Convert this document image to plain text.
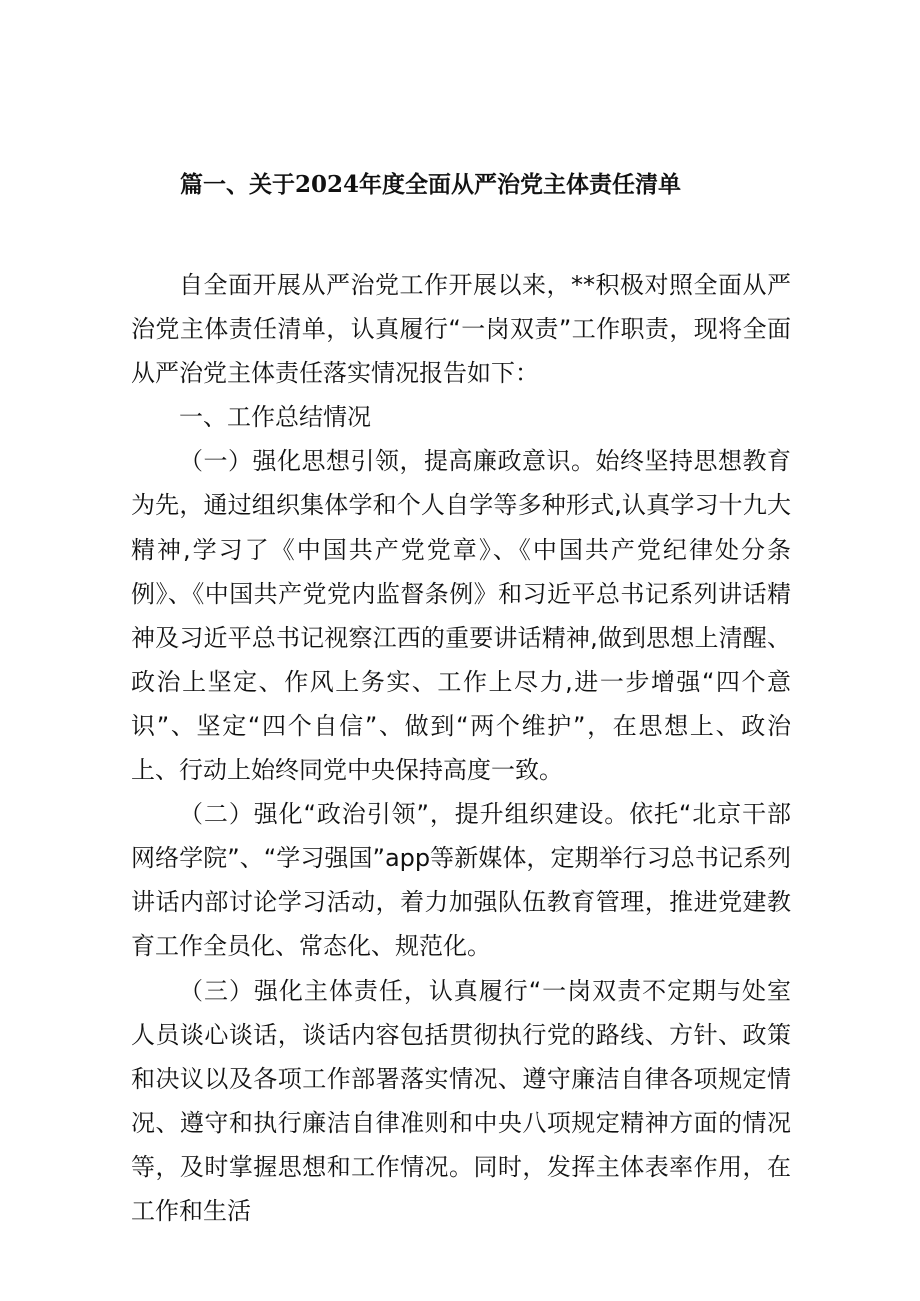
篇一、关于2024年度全面从严治党主体责任清单

自全面开展从严治党工作开展以来，**积极对照全面从严治党主体责任清单，认真履行“一岗双责”工作职责，现将全面从严治党主体责任落实情况报告如下：

一、工作总结情况

（一）强化思想引领，提高廉政意识。始终坚持思想教育为先，通过组织集体学和个人自学等多种形式,认真学习十九大精神,学习了《中国共产党党章》、《中国共产党纪律处分条例》、《中国共产党党内监督条例》和习近平总书记系列讲话精神及习近平总书记视察江西的重要讲话精神,做到思想上清醒、政治上坚定、作风上务实、工作上尽力,进一步增强“四个意识”、坚定“四个自信”、做到“两个维护”，在思想上、政治上、行动上始终同党中央保持高度一致。

（二）强化“政治引领”，提升组织建设。依托“北京干部网络学院”、“学习强国”app等新媒体，定期举行习总书记系列讲话内部讨论学习活动，着力加强队伍教育管理，推进党建教育工作全员化、常态化、规范化。

（三）强化主体责任，认真履行“一岗双责不定期与处室人员谈心谈话，谈话内容包括贯彻执行党的路线、方针、政策和决议以及各项工作部署落实情况、遵守廉洁自律各项规定情况、遵守和执行廉洁自律准则和中央八项规定精神方面的情况等，及时掌握思想和工作情况。同时，发挥主体表率作用，在工作和生活
